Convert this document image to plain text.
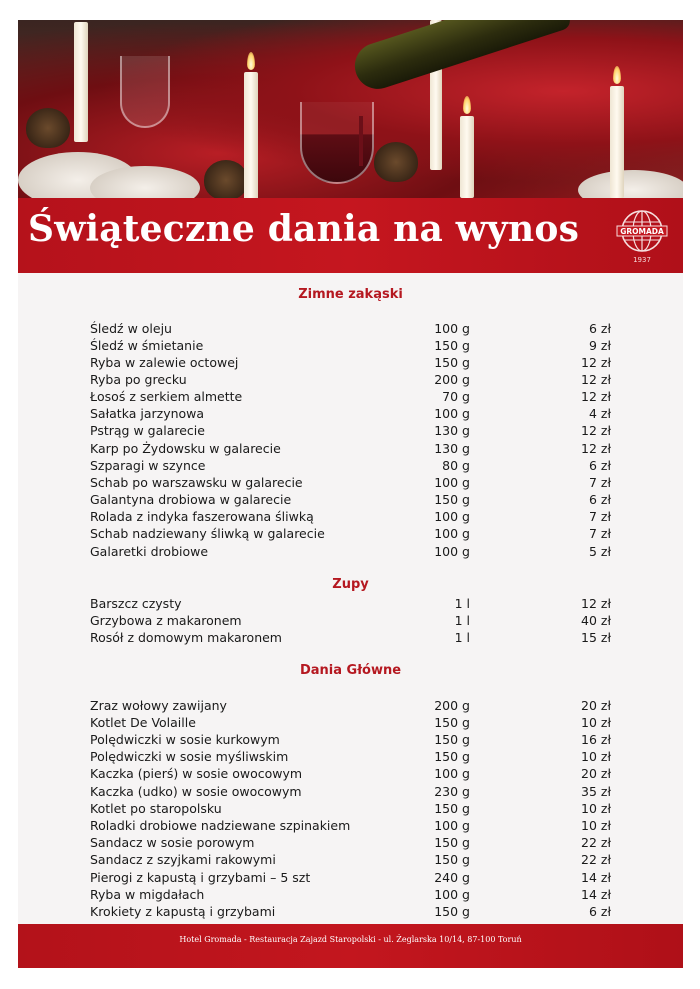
Świąteczne dania na wynos	GROMADA
1937
Zimne zakąski
Śledź w oleju	100 g	6 zł
Śledź w śmietanie	150 g	9 zł
Ryba w zalewie octowej	150 g	12 zł
Ryba po grecku	200 g	12 zł
Łosoś z serkiem almette	70 g	12 zł
Sałatka jarzynowa	100 g	4 zł
Pstrąg w galarecie	130 g	12 zł
Karp po Żydowsku w galarecie	130 g	12 zł
Szparagi w szynce	80 g	6 zł
Schab po warszawsku w galarecie	100 g	7 zł
Galantyna drobiowa w galarecie	150 g	6 zł
Rolada z indyka faszerowana śliwką	100 g	7 zł
Schab nadziewany śliwką w galarecie	100 g	7 zł
Galaretki drobiowe	100 g	5 zł
Zupy
Barszcz czysty	1 l	12 zł
Grzybowa z makaronem	1 l	40 zł
Rosół z domowym makaronem	1 l	15 zł
Dania Główne
Zraz wołowy zawijany	200 g	20 zł
Kotlet De Volaille	150 g	10 zł
Polędwiczki w sosie kurkowym	150 g	16 zł
Polędwiczki w sosie myśliwskim	150 g	10 zł
Kaczka (pierś) w sosie owocowym	100 g	20 zł
Kaczka (udko) w sosie owocowym	230 g	35 zł
Kotlet po staropolsku	150 g	10 zł
Roladki drobiowe nadziewane szpinakiem	100 g	10 zł
Sandacz w sosie porowym	150 g	22 zł
Sandacz z szyjkami rakowymi	150 g	22 zł
Pierogi z kapustą i grzybami – 5 szt	240 g	14 zł
Ryba w migdałach	100 g	14 zł
Krokiety z kapustą i grzybami	150 g	6 zł
Hotel Gromada - Restauracja Zajazd Staropolski - ul. Żeglarska 10/14, 87-100 Toruń
